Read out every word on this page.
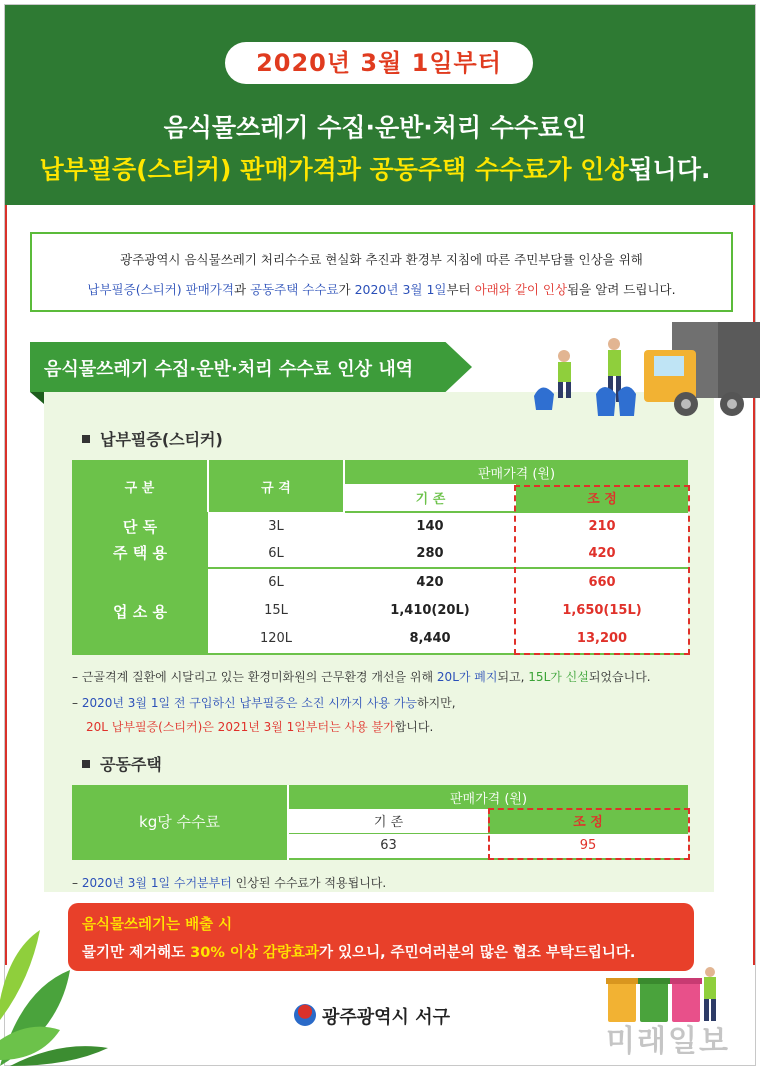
2020년 3월 1일부터
음식물쓰레기 수집·운반·처리 수수료인
납부필증(스티커) 판매가격과 공동주택 수수료가 인상됩니다.
광주광역시 음식물쓰레기 처리수수료 현실화 추진과 환경부 지침에 따른 주민부담률 인상을 위해
납부필증(스티커) 판매가격과 공동주택 수수료가 2020년 3월 1일부터 아래와 같이 인상됨을 알려 드립니다.
음식물쓰레기 수집·운반·처리 수수료 인상 내역
납부필증(스티커)
구 분	규 격	판매가격 (원)	
		기 존	조 정

단 독
주 택 용	3L	140	210
	6L	280	420
업 소 용	6L	420	660
	15L	1,410(20L)	1,650(15L)
	120L	8,440	13,200
– 근골격계 질환에 시달리고 있는 환경미화원의 근무환경 개선을 위해 20L가 폐지되고, 15L가 신설되었습니다.
– 2020년 3월 1일 전 구입하신 납부필증은 소진 시까지 사용 가능하지만,
20L 납부필증(스티커)은 2021년 3월 1일부터는 사용 불가합니다.
공동주택
kg당 수수료	판매가격 (원)	
	기 존	조 정
	63	95
– 2020년 3월 1일 수거분부터 인상된 수수료가 적용됩니다.
음식물쓰레기는 배출 시
물기만 제거해도 30% 이상 감량효과가 있으니, 주민여러분의 많은 협조 부탁드립니다.
광주광역시 서구
미래일보
